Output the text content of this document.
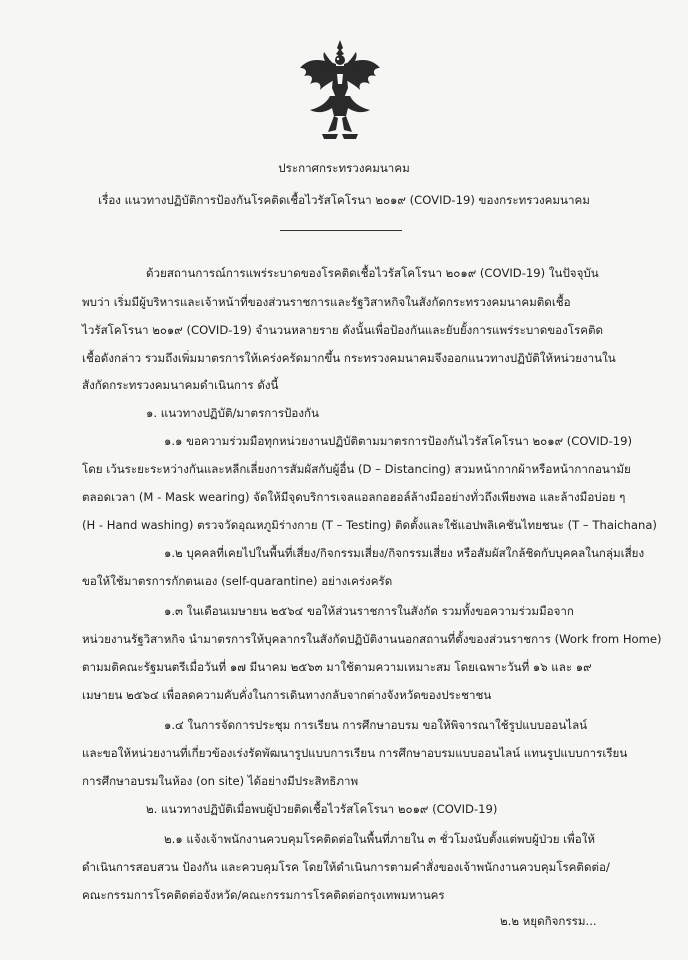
ประกาศกระทรวงคมนาคม
เรื่อง แนวทางปฏิบัติการป้องกันโรคติดเชื้อไวรัสโคโรนา ๒๐๑๙ (COVID-19) ของกระทรวงคมนาคม
ด้วยสถานการณ์การแพร่ระบาดของโรคติดเชื้อไวรัสโคโรนา ๒๐๑๙ (COVID-19) ในปัจจุบัน
พบว่า เริ่มมีผู้บริหารและเจ้าหน้าที่ของส่วนราชการและรัฐวิสาหกิจในสังกัดกระทรวงคมนาคมติดเชื้อ
ไวรัสโคโรนา ๒๐๑๙ (COVID-19) จำนวนหลายราย ดังนั้นเพื่อป้องกันและยับยั้งการแพร่ระบาดของโรคติด
เชื้อดังกล่าว รวมถึงเพิ่มมาตรการให้เคร่งครัดมากขึ้น กระทรวงคมนาคมจึงออกแนวทางปฏิบัติให้หน่วยงานใน
สังกัดกระทรวงคมนาคมดำเนินการ ดังนี้
๑. แนวทางปฏิบัติ/มาตรการป้องกัน
๑.๑ ขอความร่วมมือทุกหน่วยงานปฏิบัติตามมาตรการป้องกันไวรัสโคโรนา ๒๐๑๙ (COVID-19)
โดย เว้นระยะระหว่างกันและหลีกเลี่ยงการสัมผัสกับผู้อื่น (D – Distancing) สวมหน้ากากผ้าหรือหน้ากากอนามัย
ตลอดเวลา (M - Mask wearing) จัดให้มีจุดบริการเจลแอลกอฮอล์ล้างมืออย่างทั่วถึงเพียงพอ และล้างมือบ่อย ๆ
(H - Hand washing) ตรวจวัดอุณหภูมิร่างกาย (T – Testing) ติดตั้งและใช้แอปพลิเคชันไทยชนะ (T – Thaichana)
๑.๒ บุคคลที่เคยไปในพื้นที่เสี่ยง/กิจกรรมเสี่ยง/กิจกรรมเสี่ยง หรือสัมผัสใกล้ชิดกับบุคคลในกลุ่มเสี่ยง
ขอให้ใช้มาตรการกักตนเอง (self-quarantine) อย่างเคร่งครัด
๑.๓ ในเดือนเมษายน ๒๕๖๔ ขอให้ส่วนราชการในสังกัด รวมทั้งขอความร่วมมือจาก
หน่วยงานรัฐวิสาหกิจ นำมาตรการให้บุคลากรในสังกัดปฏิบัติงานนอกสถานที่ตั้งของส่วนราชการ (Work from Home)
ตามมติคณะรัฐมนตรีเมื่อวันที่ ๑๗ มีนาคม ๒๕๖๓ มาใช้ตามความเหมาะสม โดยเฉพาะวันที่ ๑๖ และ ๑๙
เมษายน ๒๕๖๔ เพื่อลดความคับคั่งในการเดินทางกลับจากต่างจังหวัดของประชาชน
๑.๔ ในการจัดการประชุม การเรียน การศึกษาอบรม ขอให้พิจารณาใช้รูปแบบออนไลน์
และขอให้หน่วยงานที่เกี่ยวข้องเร่งรัดพัฒนารูปแบบการเรียน การศึกษาอบรมแบบออนไลน์ แทนรูปแบบการเรียน
การศึกษาอบรมในห้อง (on site) ได้อย่างมีประสิทธิภาพ
๒. แนวทางปฏิบัติเมื่อพบผู้ป่วยติดเชื้อไวรัสโคโรนา ๒๐๑๙ (COVID-19)
๒.๑ แจ้งเจ้าพนักงานควบคุมโรคติดต่อในพื้นที่ภายใน ๓ ชั่วโมงนับตั้งแต่พบผู้ป่วย เพื่อให้
ดำเนินการสอบสวน ป้องกัน และควบคุมโรค โดยให้ดำเนินการตามคำสั่งของเจ้าพนักงานควบคุมโรคติดต่อ/
คณะกรรมการโรคติดต่อจังหวัด/คณะกรรมการโรคติดต่อกรุงเทพมหานคร
๒.๒ หยุดกิจกรรม...
